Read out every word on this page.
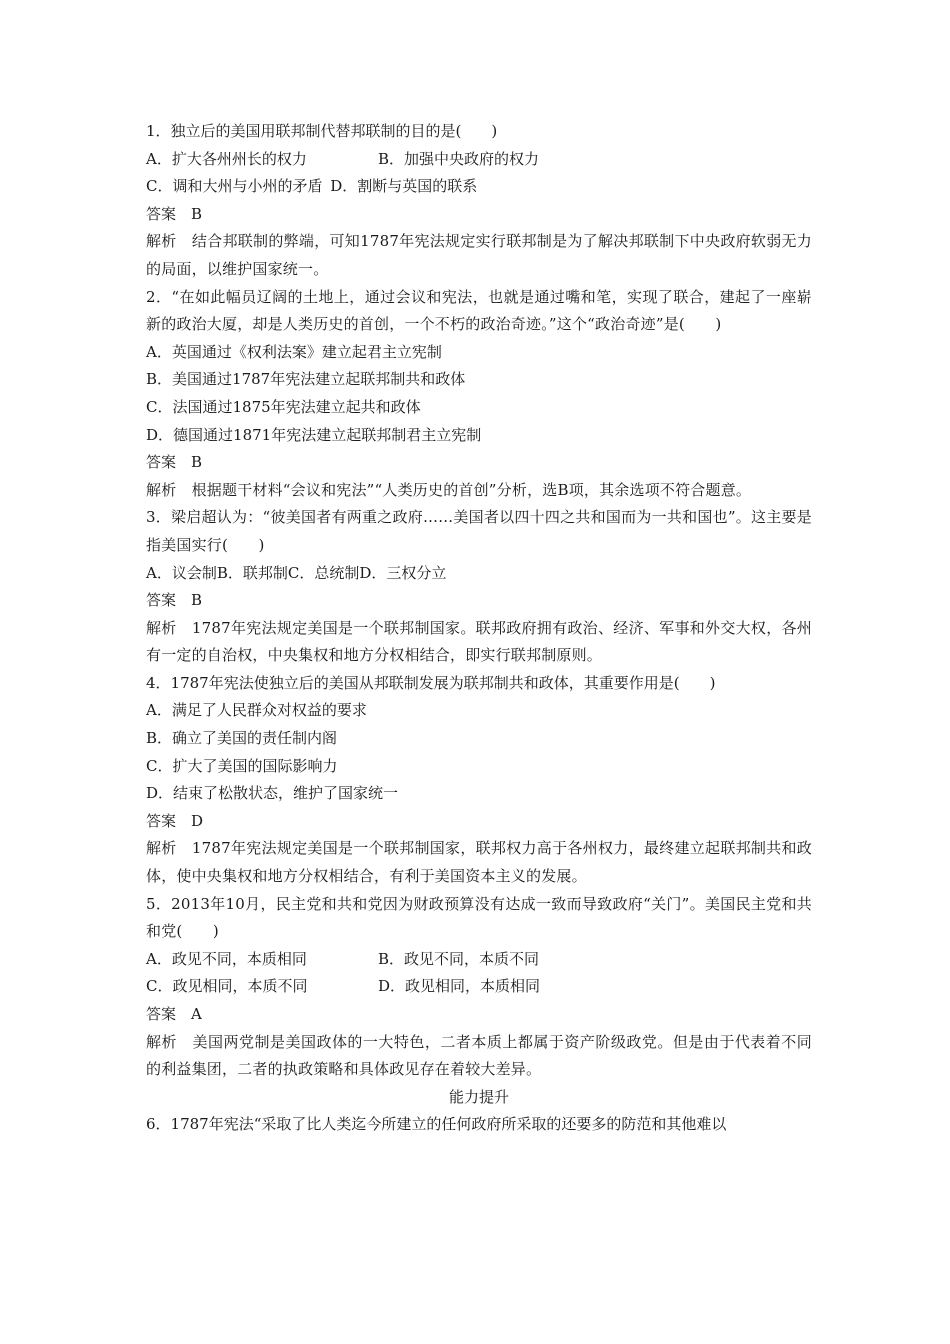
1．独立后的美国用联邦制代替邦联制的目的是(　　)
A．扩大各州州长的权力	B．加强中央政府的权力
C．调和大州与小州的矛盾 D．割断与英国的联系
答案　B
解析　结合邦联制的弊端，可知1787年宪法规定实行联邦制是为了解决邦联制下中央政府软弱无力的局面，以维护国家统一。
2．“在如此幅员辽阔的土地上，通过会议和宪法，也就是通过嘴和笔，实现了联合，建起了一座崭新的政治大厦，却是人类历史的首创，一个不朽的政治奇迹。”这个“政治奇迹”是(　　)
A．英国通过《权利法案》建立起君主立宪制
B．美国通过1787年宪法建立起联邦制共和政体
C．法国通过1875年宪法建立起共和政体
D．德国通过1871年宪法建立起联邦制君主立宪制
答案　B
解析　根据题干材料“会议和宪法”“人类历史的首创”分析，选B项，其余选项不符合题意。
3．梁启超认为：“彼美国者有两重之政府……美国者以四十四之共和国而为一共和国也”。这主要是指美国实行(　　)
A．议会制B．联邦制C．总统制D．三权分立
答案　B
解析　1787年宪法规定美国是一个联邦制国家。联邦政府拥有政治、经济、军事和外交大权，各州有一定的自治权，中央集权和地方分权相结合，即实行联邦制原则。
4．1787年宪法使独立后的美国从邦联制发展为联邦制共和政体，其重要作用是(　　)
A．满足了人民群众对权益的要求
B．确立了美国的责任制内阁
C．扩大了美国的国际影响力
D．结束了松散状态，维护了国家统一
答案　D
解析　1787年宪法规定美国是一个联邦制国家，联邦权力高于各州权力，最终建立起联邦制共和政体，使中央集权和地方分权相结合，有利于美国资本主义的发展。
5．2013年10月，民主党和共和党因为财政预算没有达成一致而导致政府“关门”。美国民主党和共和党(　　)
A．政见不同，本质相同	B．政见不同，本质不同
C．政见相同，本质不同	D．政见相同，本质相同
答案　A
解析　美国两党制是美国政体的一大特色，二者本质上都属于资产阶级政党。但是由于代表着不同的利益集团，二者的执政策略和具体政见存在着较大差异。
能力提升
6．1787年宪法“采取了比人类迄今所建立的任何政府所采取的还要多的防范和其他难以
